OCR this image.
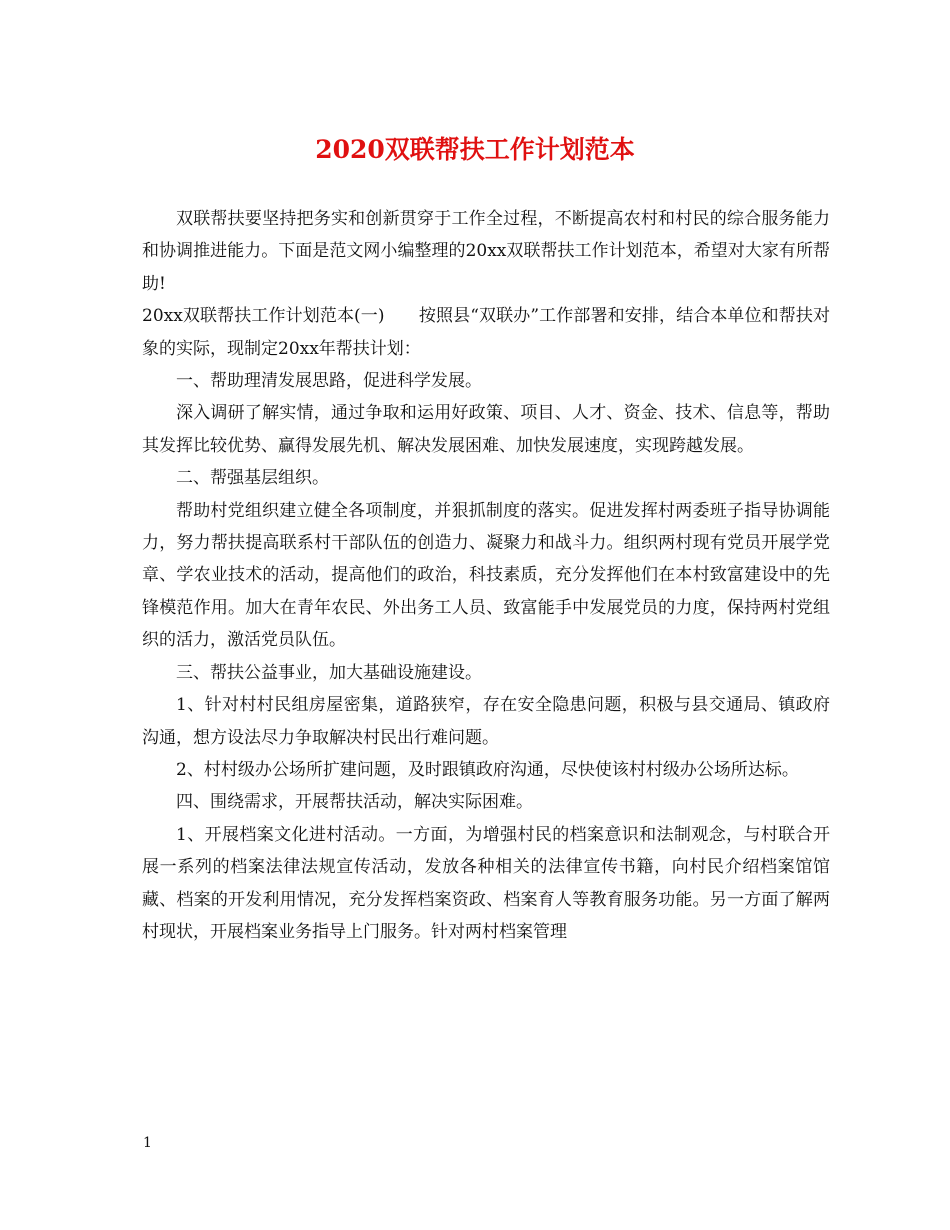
2020双联帮扶工作计划范本

双联帮扶要坚持把务实和创新贯穿于工作全过程，不断提高农村和村民的综合服务能力和协调推进能力。下面是范文网小编整理的20xx双联帮扶工作计划范本，希望对大家有所帮助!

20xx双联帮扶工作计划范本(一)　　按照县“双联办”工作部署和安排，结合本单位和帮扶对象的实际，现制定20xx年帮扶计划：

一、帮助理清发展思路，促进科学发展。

深入调研了解实情，通过争取和运用好政策、项目、人才、资金、技术、信息等，帮助其发挥比较优势、赢得发展先机、解决发展困难、加快发展速度，实现跨越发展。

二、帮强基层组织。

帮助村党组织建立健全各项制度，并狠抓制度的落实。促进发挥村两委班子指导协调能力，努力帮扶提高联系村干部队伍的创造力、凝聚力和战斗力。组织两村现有党员开展学党章、学农业技术的活动，提高他们的政治，科技素质，充分发挥他们在本村致富建设中的先锋模范作用。加大在青年农民、外出务工人员、致富能手中发展党员的力度，保持两村党组织的活力，激活党员队伍。

三、帮扶公益事业，加大基础设施建设。

1、针对村村民组房屋密集，道路狭窄，存在安全隐患问题，积极与县交通局、镇政府沟通，想方设法尽力争取解决村民出行难问题。

2、村村级办公场所扩建问题，及时跟镇政府沟通，尽快使该村村级办公场所达标。

四、围绕需求，开展帮扶活动，解决实际困难。

1、开展档案文化进村活动。一方面，为增强村民的档案意识和法制观念，与村联合开展一系列的档案法律法规宣传活动，发放各种相关的法律宣传书籍，向村民介绍档案馆馆藏、档案的开发利用情况，充分发挥档案资政、档案育人等教育服务功能。另一方面了解两村现状，开展档案业务指导上门服务。针对两村档案管理

1
